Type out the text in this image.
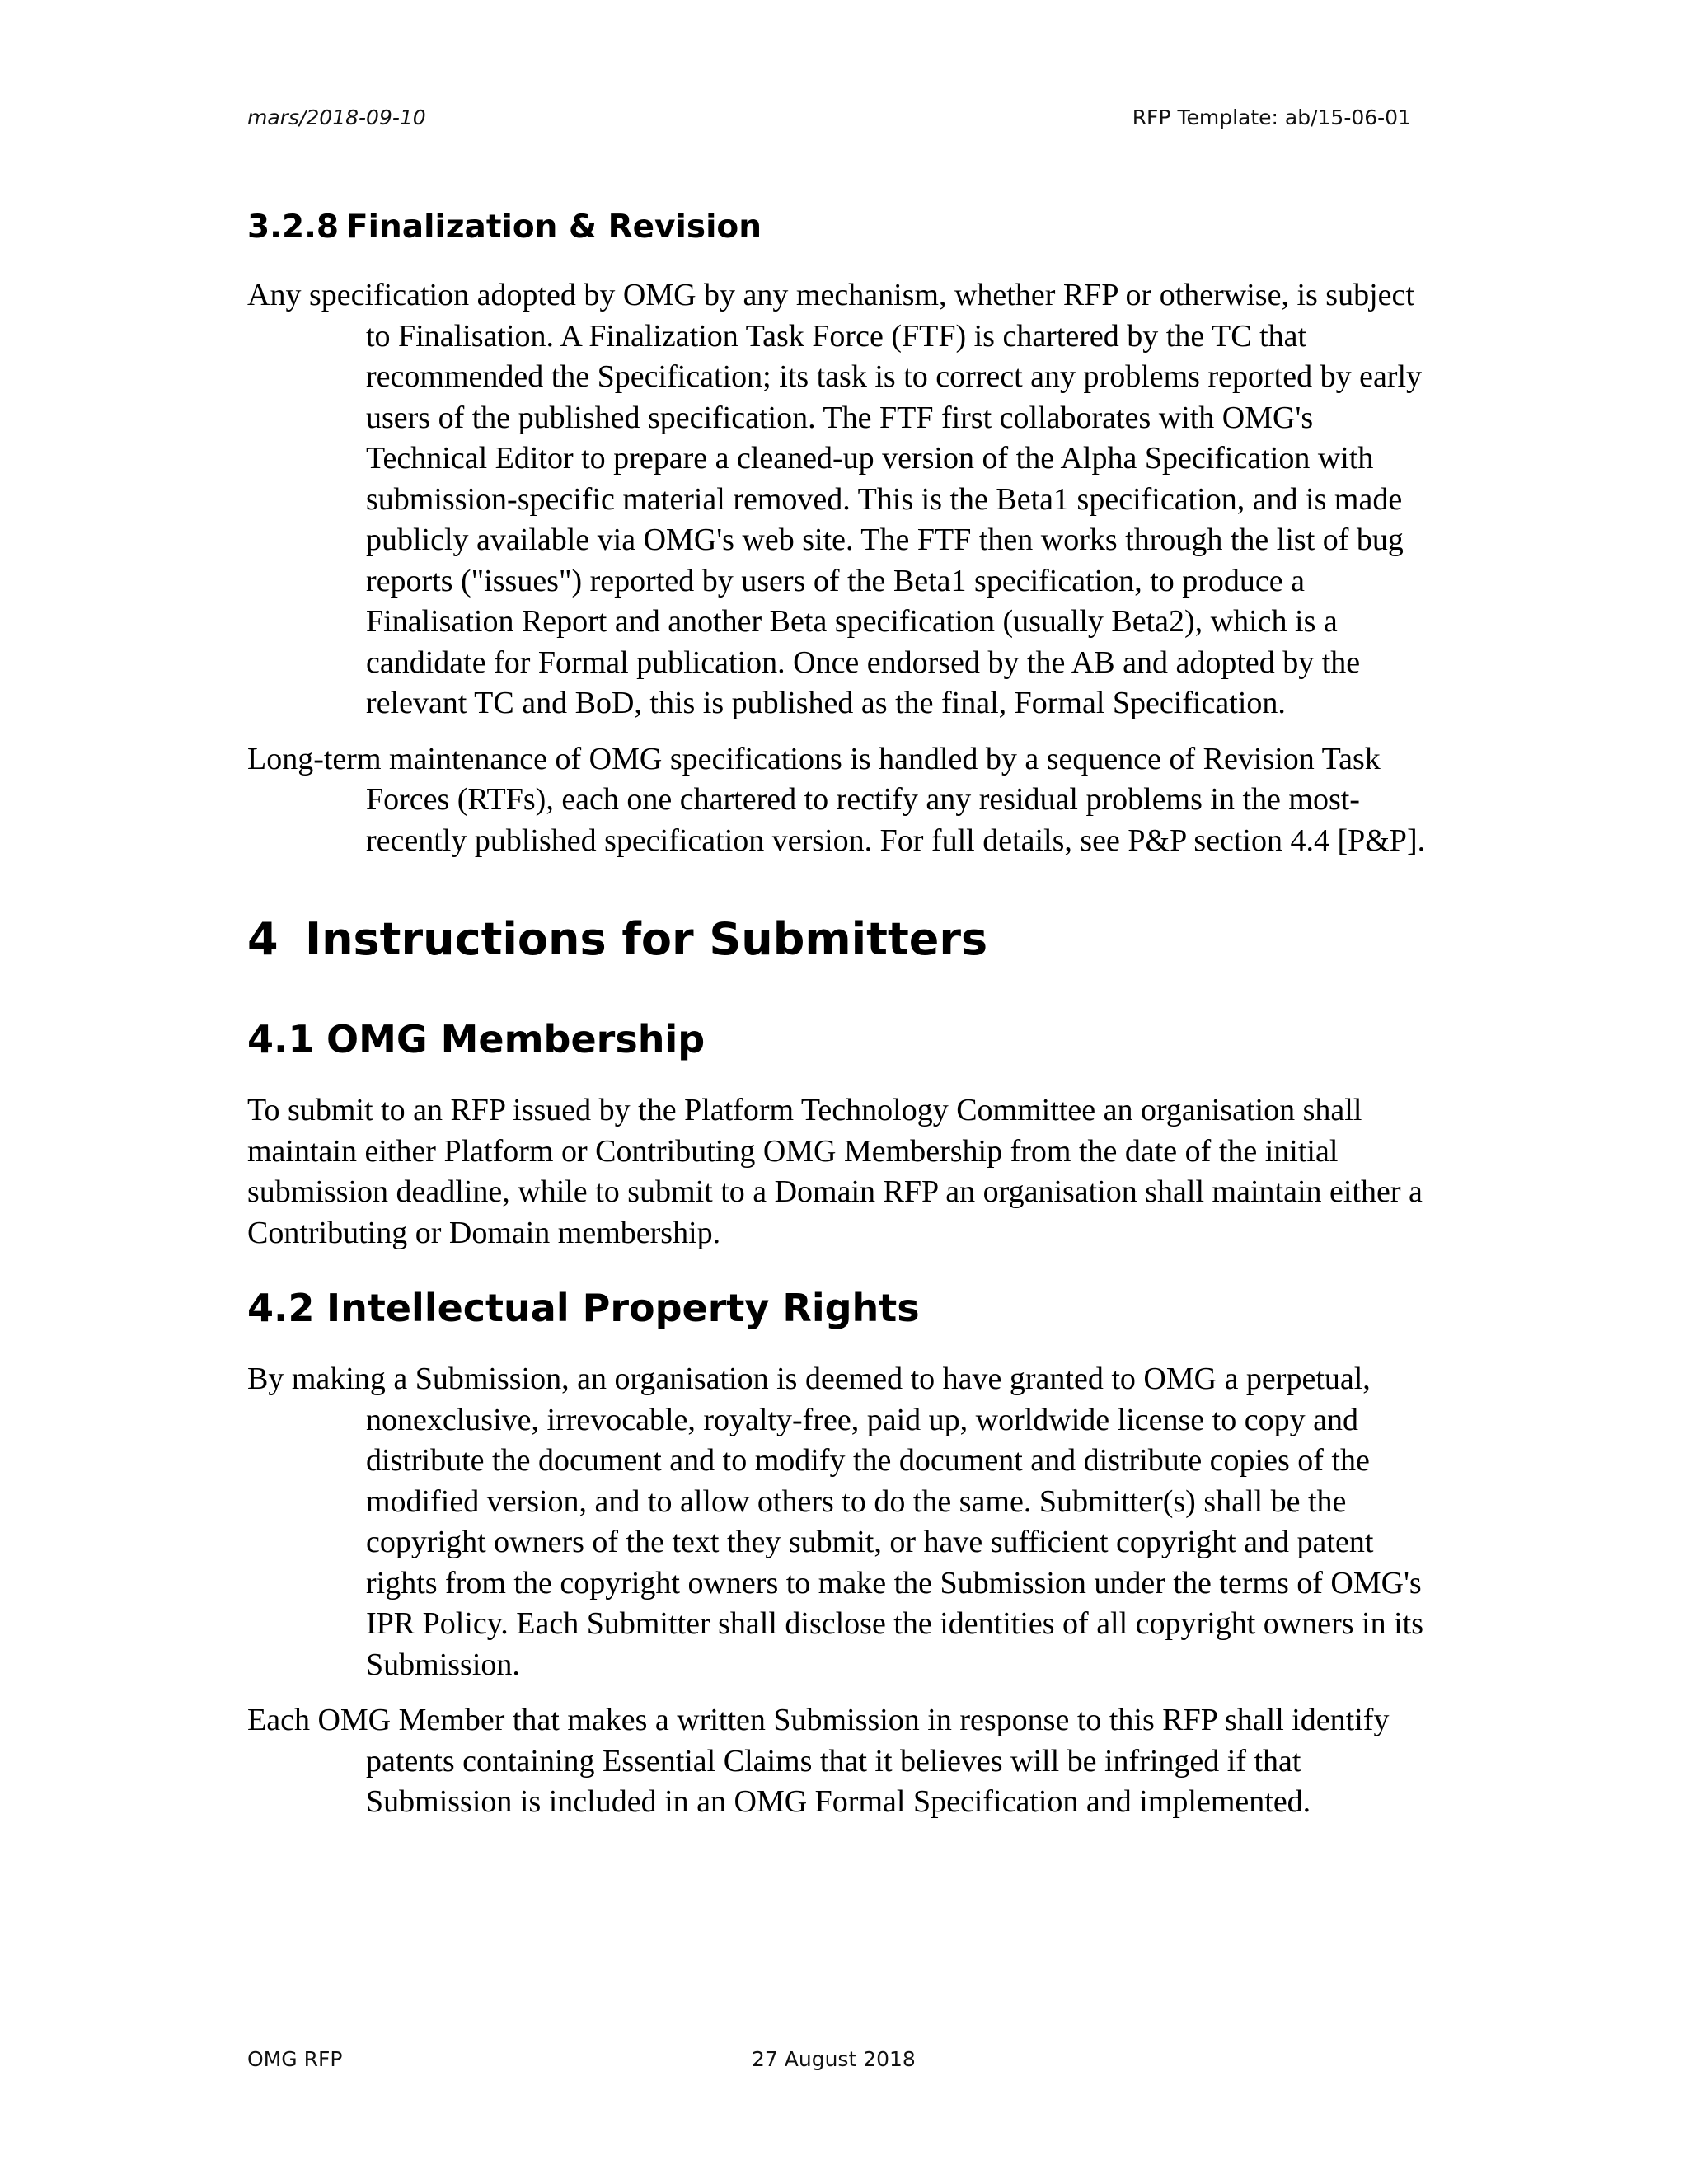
mars/2018-09-10	RFP Template: ab/15-06-01
3.2.8 Finalization & Revision

Any specification adopted by OMG by any mechanism, whether RFP or otherwise, is subject to Finalisation. A Finalization Task Force (FTF) is chartered by the TC that recommended the Specification; its task is to correct any problems reported by early users of the published specification. The FTF first collaborates with OMG's Technical Editor to prepare a cleaned-up version of the Alpha Specification with submission-specific material removed. This is the Beta1 specification, and is made publicly available via OMG's web site. The FTF then works through the list of bug reports ("issues") reported by users of the Beta1 specification, to produce a Finalisation Report and another Beta specification (usually Beta2), which is a candidate for Formal publication. Once endorsed by the AB and adopted by the relevant TC and BoD, this is published as the final, Formal Specification.

Long-term maintenance of OMG specifications is handled by a sequence of Revision Task Forces (RTFs), each one chartered to rectify any residual problems in the most-recently published specification version. For full details, see P&P section 4.4 [P&P].

4 Instructions for Submitters
4.1 OMG Membership

To submit to an RFP issued by the Platform Technology Committee an organisation shall maintain either Platform or Contributing OMG Membership from the date of the initial submission deadline, while to submit to a Domain RFP an organisation shall maintain either a Contributing or Domain membership.

4.2 Intellectual Property Rights

By making a Submission, an organisation is deemed to have granted to OMG a perpetual, nonexclusive, irrevocable, royalty-free, paid up, worldwide license to copy and distribute the document and to modify the document and distribute copies of the modified version, and to allow others to do the same. Submitter(s) shall be the copyright owners of the text they submit, or have sufficient copyright and patent rights from the copyright owners to make the Submission under the terms of OMG's IPR Policy. Each Submitter shall disclose the identities of all copyright owners in its Submission.

Each OMG Member that makes a written Submission in response to this RFP shall identify patents containing Essential Claims that it believes will be infringed if that Submission is included in an OMG Formal Specification and implemented.

OMG RFP	27 August 2018
